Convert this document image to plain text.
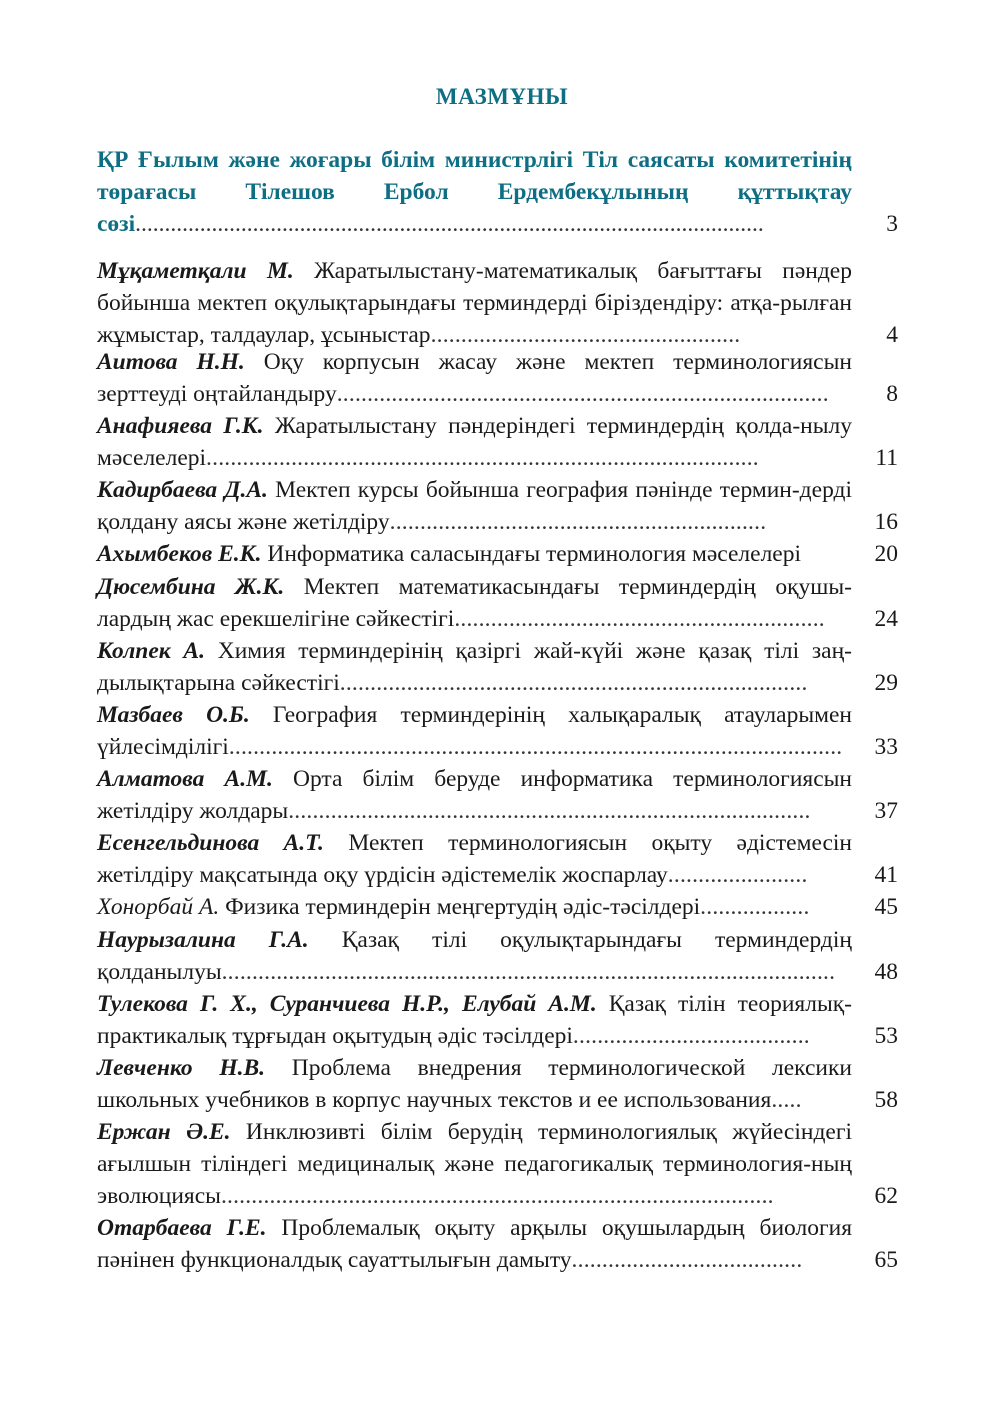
МАЗМҰНЫ
ҚР Ғылым және жоғары білім министрлігі Тіл саясаты комитетінің төрағасы Тілешов Ербол Ердембекұлының құттықтау сөзі...........................................................................................................	3
Мұқаметқали М. Жаратылыстану-математикалық бағыттағы пәндер бойынша мектеп оқулықтарындағы терминдерді біріздендіру: атқа-рылған жұмыстар, талдаулар, ұсыныстар...................................................	4
Аитова Н.Н. Оқу корпусын жасау және мектеп терминологиясын зерттеуді оңтайландыру.................................................................................	8
Анафияева Г.К. Жаратылыстану пәндеріндегі терминдердің қолда-нылу мәселелері...........................................................................................	11
Кадирбаева Д.А. Мектеп курсы бойынша география пәнінде термин-дерді қолдану аясы және жетілдіру..............................................................	16
Ахымбеков Е.К. Информатика саласындағы терминология мәселелері	20
Дюсембина Ж.К. Мектеп математикасындағы терминдердің оқушы-лардың жас ерекшелігіне сәйкестігі.............................................................	24
Колпек А. Химия терминдерінің қазіргі жай-күйі және қазақ тілі заң-дылықтарына сәйкестігі.............................................................................	29
Мазбаев О.Б. География терминдерінің халықаралық атауларымен үйлесімділігі.....................................................................................................	33
Алматова А.М. Орта білім беруде информатика терминологиясын жетілдіру жолдары......................................................................................	37
Есенгельдинова А.Т. Мектеп терминологиясын оқыту әдістемесін жетілдіру мақсатында оқу үрдісін әдістемелік жоспарлау.......................	41
Хонорбай А. Физика терминдерін меңгертудің әдіс-тәсілдері..................	45
Наурызалина Г.А. Қазақ тілі оқулықтарындағы терминдердің қолданылуы.....................................................................................................	48
Тулекова Г. Х., Сурaнчиева Н.Р., Елубай А.М. Қазақ тілін теориялық-практикалық тұрғыдан оқытудың әдіс тәсілдері.......................................	53
Левченко Н.В. Проблема внедрения терминологической лексики школьных учебников в корпус научных текстов и ее использования.....	58
Ержан Ә.Е. Инклюзивті білім берудің терминологиялық жүйесіндегі ағылшын тіліндегі медициналық және педагогикалық терминология-ның эволюциясы...........................................................................................	62
Отарбаева Г.Е. Проблемалық оқыту арқылы оқушылардың биология пәнінен функционалдық сауаттылығын дамыту......................................	65
